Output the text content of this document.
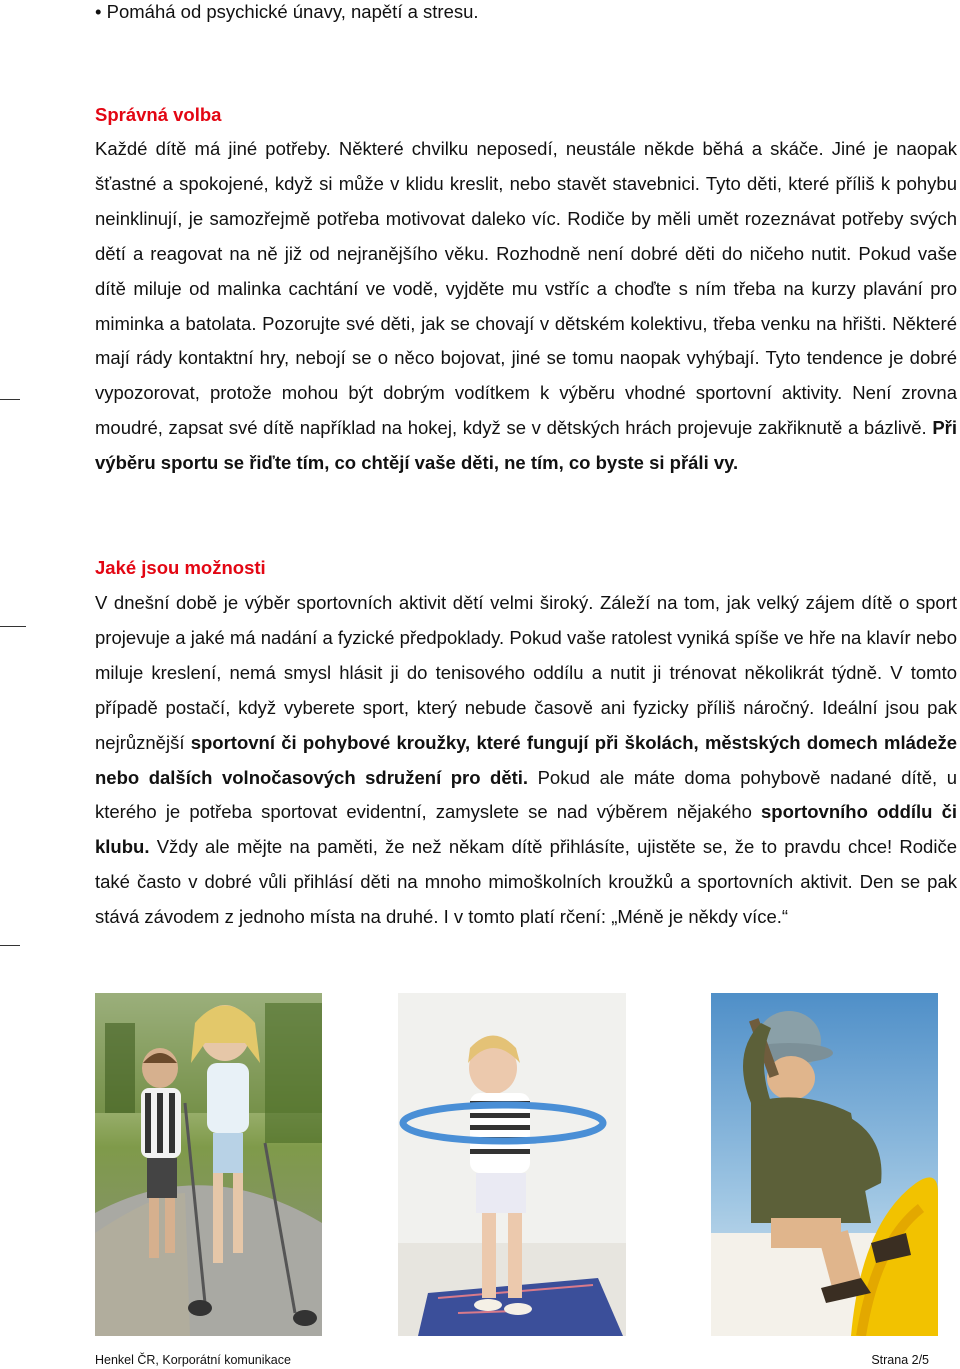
• Pomáhá od psychické únavy, napětí a stresu.
Správná volba

Každé dítě má jiné potřeby. Některé chvilku neposedí, neustále někde běhá a skáče. Jiné je naopak šťastné a spokojené, když si může v klidu kreslit, nebo stavět stavebnici. Tyto děti, které příliš k pohybu neinklinují, je samozřejmě potřeba motivovat daleko víc. Rodiče by měli umět rozeznávat potřeby svých dětí a reagovat na ně již od nejranějšího věku. Rozhodně není dobré děti do ničeho nutit. Pokud vaše dítě miluje od malinka cachtání ve vodě, vyjděte mu vstříc a choďte s ním třeba na kurzy plavání pro miminka a batolata. Pozorujte své děti, jak se chovají v dětském kolektivu, třeba venku na hřišti. Některé mají rády kontaktní hry, nebojí se o něco bojovat, jiné se tomu naopak vyhýbají. Tyto tendence je dobré vypozorovat, protože mohou být dobrým vodítkem k výběru vhodné sportovní aktivity. Není zrovna moudré, zapsat své dítě například na hokej, když se v dětských hrách projevuje zakřiknutě a bázlivě. Při výběru sportu se řiďte tím, co chtějí vaše děti, ne tím, co byste si přáli vy.

Jaké jsou možnosti

V dnešní době je výběr sportovních aktivit dětí velmi široký. Záleží na tom, jak velký zájem dítě o sport projevuje a jaké má nadání a fyzické předpoklady. Pokud vaše ratolest vyniká spíše ve hře na klavír nebo miluje kreslení, nemá smysl hlásit ji do tenisového oddílu a nutit ji trénovat několikrát týdně. V tomto případě postačí, když vyberete sport, který nebude časově ani fyzicky příliš náročný. Ideální jsou pak nejrůznější sportovní či pohybové kroužky, které fungují při školách, městských domech mládeže nebo dalších volnočasových sdružení pro děti. Pokud ale máte doma pohybově nadané dítě, u kterého je potřeba sportovat evidentní, zamyslete se nad výběrem nějakého sportovního oddílu či klubu. Vždy ale mějte na paměti, že než někam dítě přihlásíte, ujistěte se, že to pravdu chce! Rodiče také často v dobré vůli přihlásí děti na mnoho mimoškolních kroužků a sportovních aktivit. Den se pak stává závodem z jednoho místa na druhé. I v tomto platí rčení: „Méně je někdy více.“

Henkel ČR, Korporátní komunikace	Strana 2/5
